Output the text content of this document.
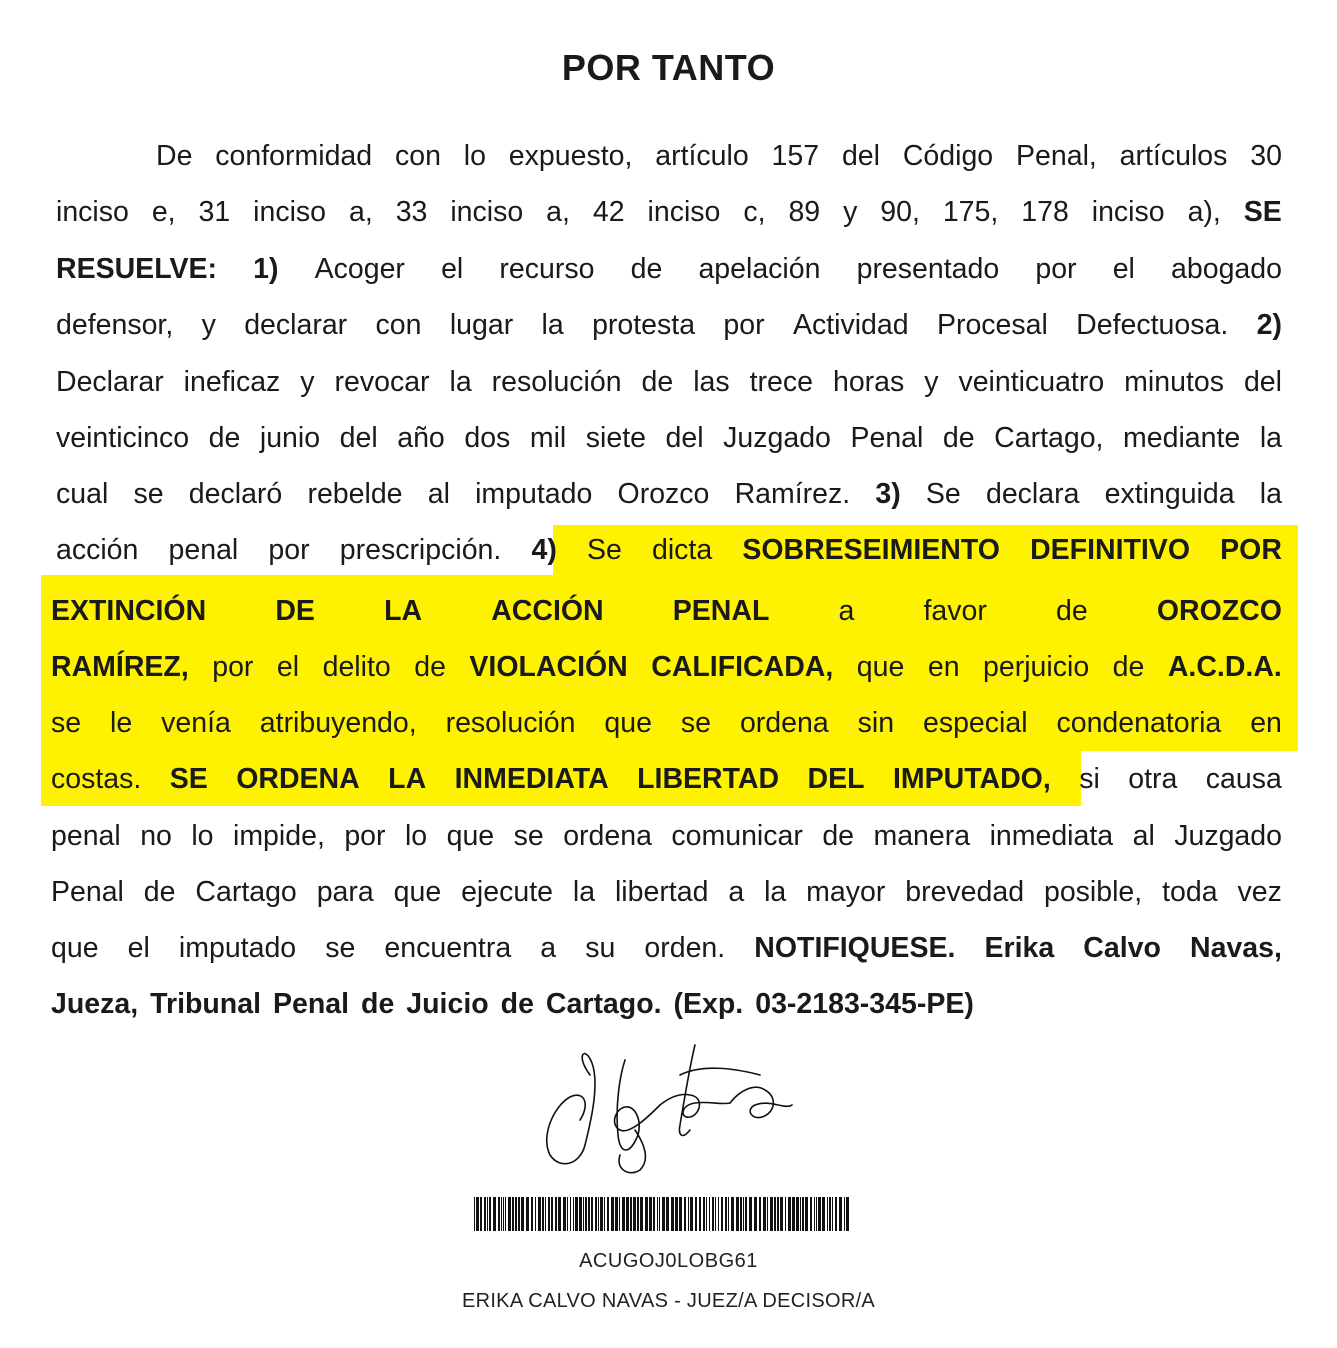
POR TANTO
De conformidad con lo expuesto, artículo 157 del Código Penal, artículos 30
inciso e, 31 inciso a, 33 inciso a, 42 inciso c, 89 y 90, 175, 178 inciso a), SE
RESUELVE: 1) Acoger el recurso de apelación presentado por el abogado
defensor, y declarar con lugar la protesta por Actividad Procesal Defectuosa. 2)
Declarar ineficaz y revocar la resolución de las trece horas y veinticuatro minutos del
veinticinco de junio del año dos mil siete del Juzgado Penal de Cartago, mediante la
cual se declaró rebelde al imputado Orozco Ramírez. 3) Se declara extinguida la
acción penal por prescripción. 4) Se dicta SOBRESEIMIENTO DEFINITIVO POR
EXTINCIÓN DE LA ACCIÓN PENAL a favor de OROZCO
RAMÍREZ, por el delito de VIOLACIÓN CALIFICADA, que en perjuicio de A.C.D.A.
se le venía atribuyendo, resolución que se ordena sin especial condenatoria en
costas. SE ORDENA LA INMEDIATA LIBERTAD DEL IMPUTADO, si otra causa
penal no lo impide, por lo que se ordena comunicar de manera inmediata al Juzgado
Penal de Cartago para que ejecute la libertad a la mayor brevedad posible, toda vez
que el imputado se encuentra a su orden. NOTIFIQUESE. Erika Calvo Navas,
Jueza, Tribunal Penal de Juicio de Cartago. (Exp. 03-2183-345-PE)
ACUGOJ0LOBG61
ERIKA CALVO NAVAS - JUEZ/A DECISOR/A
